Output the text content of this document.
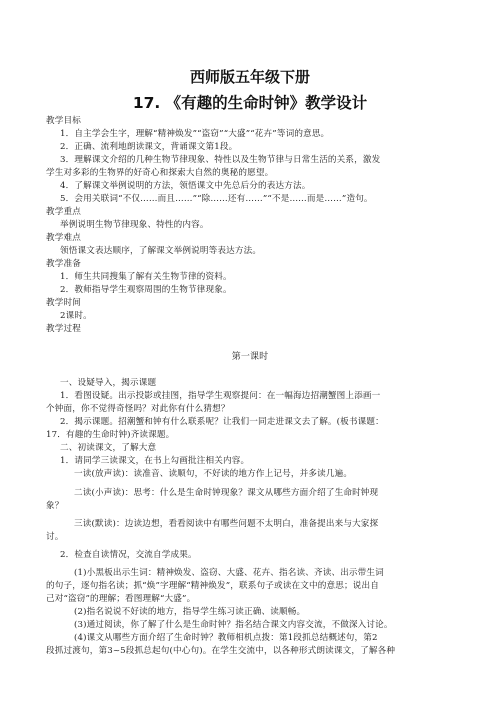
西师版五年级下册
17. 《有趣的生命时钟》教学设计
教学目标
1．自主学会生字，理解“精神焕发”“盗窃”“大盛”“花卉”等词的意思。
2．正确、流利地朗读课文，背诵课文第1段。
3．理解课文介绍的几种生物节律现象、特性以及生物节律与日常生活的关系，激发
学生对多彩的生物界的好奇心和探索大自然的奥秘的愿望。
4．了解课文举例说明的方法，领悟课文中先总后分的表达方法。
5．会用关联词“不仅……而且……”“除……还有……”“不是……而是……”造句。
教学重点
举例说明生物节律现象、特性的内容。
教学难点
领悟课文表达顺序，了解课文举例说明等表达方法。
教学准备
1．师生共同搜集了解有关生物节律的资料。
2．教师指导学生观察周围的生物节律现象。
教学时间
2课时。
教学过程
第一课时
一、设疑导入，揭示课题
1．看图设疑。出示投影或挂图，指导学生观察提问：在一幅海边招潮蟹图上添画一
个钟面，你不觉得奇怪吗？对此你有什么猜想？
2．揭示课题。招潮蟹和钟有什么联系呢？让我们一同走进课文去了解。(板书课题：
17．有趣的生命时钟)齐读课题。
二、初读课文，了解大意
1．请同学三读课文，在书上勾画批注相关内容。
一读(放声读)：读准音、读顺句，不好读的地方作上记号，并多读几遍。
二读(小声读)：思考：什么是生命时钟现象？课文从哪些方面介绍了生命时钟现
象？
三读(默读)：边读边想，看看阅读中有哪些问题不太明白，准备提出来与大家探
讨。
2．检查自读情况，交流自学成果。
(1)小黑板出示生词：精神焕发、盗窃、大盛、花卉、指名读、齐读、出示带生词
的句子，逐句指名读；抓“焕”字理解“精神焕发”，联系句子或读在文中的意思；说出自
己对“盗窃”的理解；看图理解“大盛”。
(2)指名说说不好读的地方，指导学生练习读正确、读顺畅。
(3)通过阅读，你了解了什么是生命时钟？指名结合课文内容交流，不做深入讨论。
(4)课文从哪些方面介绍了生命时钟？教师相机点拨：第1段抓总结概述句，第2
段抓过渡句，第3~5段抓总起句(中心句)。在学生交流中，以各种形式朗读课文，了解各种
